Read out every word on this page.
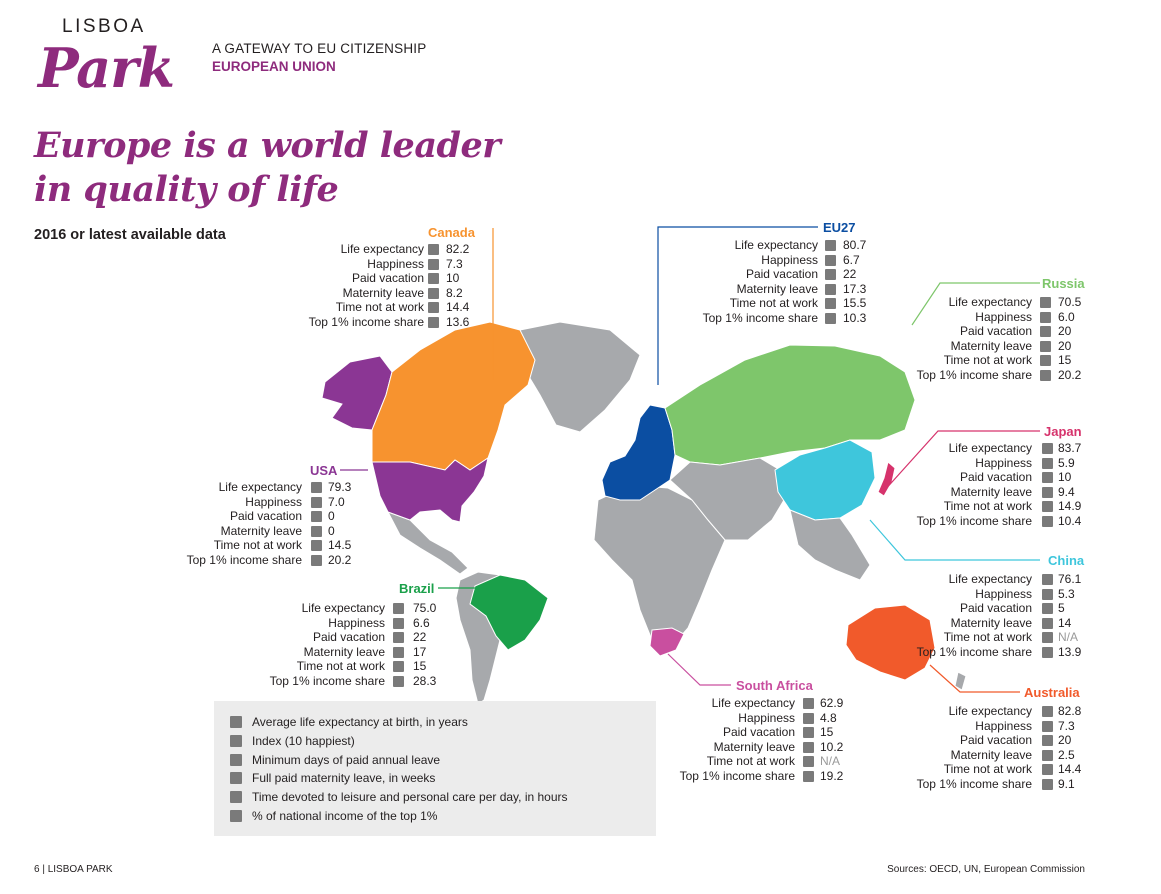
LISBOA
Park	A GATEWAY TO EU CITIZENSHIP
EUROPEAN UNION
Europe is a world leader
in quality of life
2016 or latest available data	Canada
Life expectancy 82.2
Happiness 7.3
Paid vacation 10
Maternity leave 8.2
Time not at work 14.4
Top 1% income share 13.6
EU27
Life expectancy 80.7
Happiness 6.7
Paid vacation 22
Maternity leave 17.3
Time not at work 15.5
Top 1% income share 10.3
Russia
Life expectancy 70.5
Happiness 6.0
Paid vacation 20
Maternity leave 20
Time not at work 15
Top 1% income share 20.2
Japan
Life expectancy 83.7
Happiness 5.9
Paid vacation 10
Maternity leave 9.4
Time not at work 14.9
Top 1% income share 10.4
USA
Life expectancy 79.3
Happiness 7.0
Paid vacation 0
Maternity leave 0
Time not at work 14.5
Top 1% income share 20.2	China
Life expectancy 76.1
Happiness 5.3
Paid vacation 5
Maternity leave 14
Time not at work N/A
Top 1% income share 13.9
Brazil
Life expectancy 75.0
Happiness 6.6
Paid vacation 22
Maternity leave 17
Time not at work 15
Top 1% income share 28.3	South Africa
Life expectancy 62.9
Happiness 4.8
Paid vacation 15
Maternity leave 10.2
Time not at work N/A
Top 1% income share 19.2
Australia
Life expectancy 82.8
Happiness 7.3
Paid vacation 20
Maternity leave 2.5
Time not at work 14.4
Top 1% income share 9.1
Average life expectancy at birth, in years
Index (10 happiest)
Minimum days of paid annual leave
Full paid maternity leave, in weeks
Time devoted to leisure and personal care per day, in hours
% of national income of the top 1%
6 | LISBOA PARK	Sources: OECD, UN, European Commission
